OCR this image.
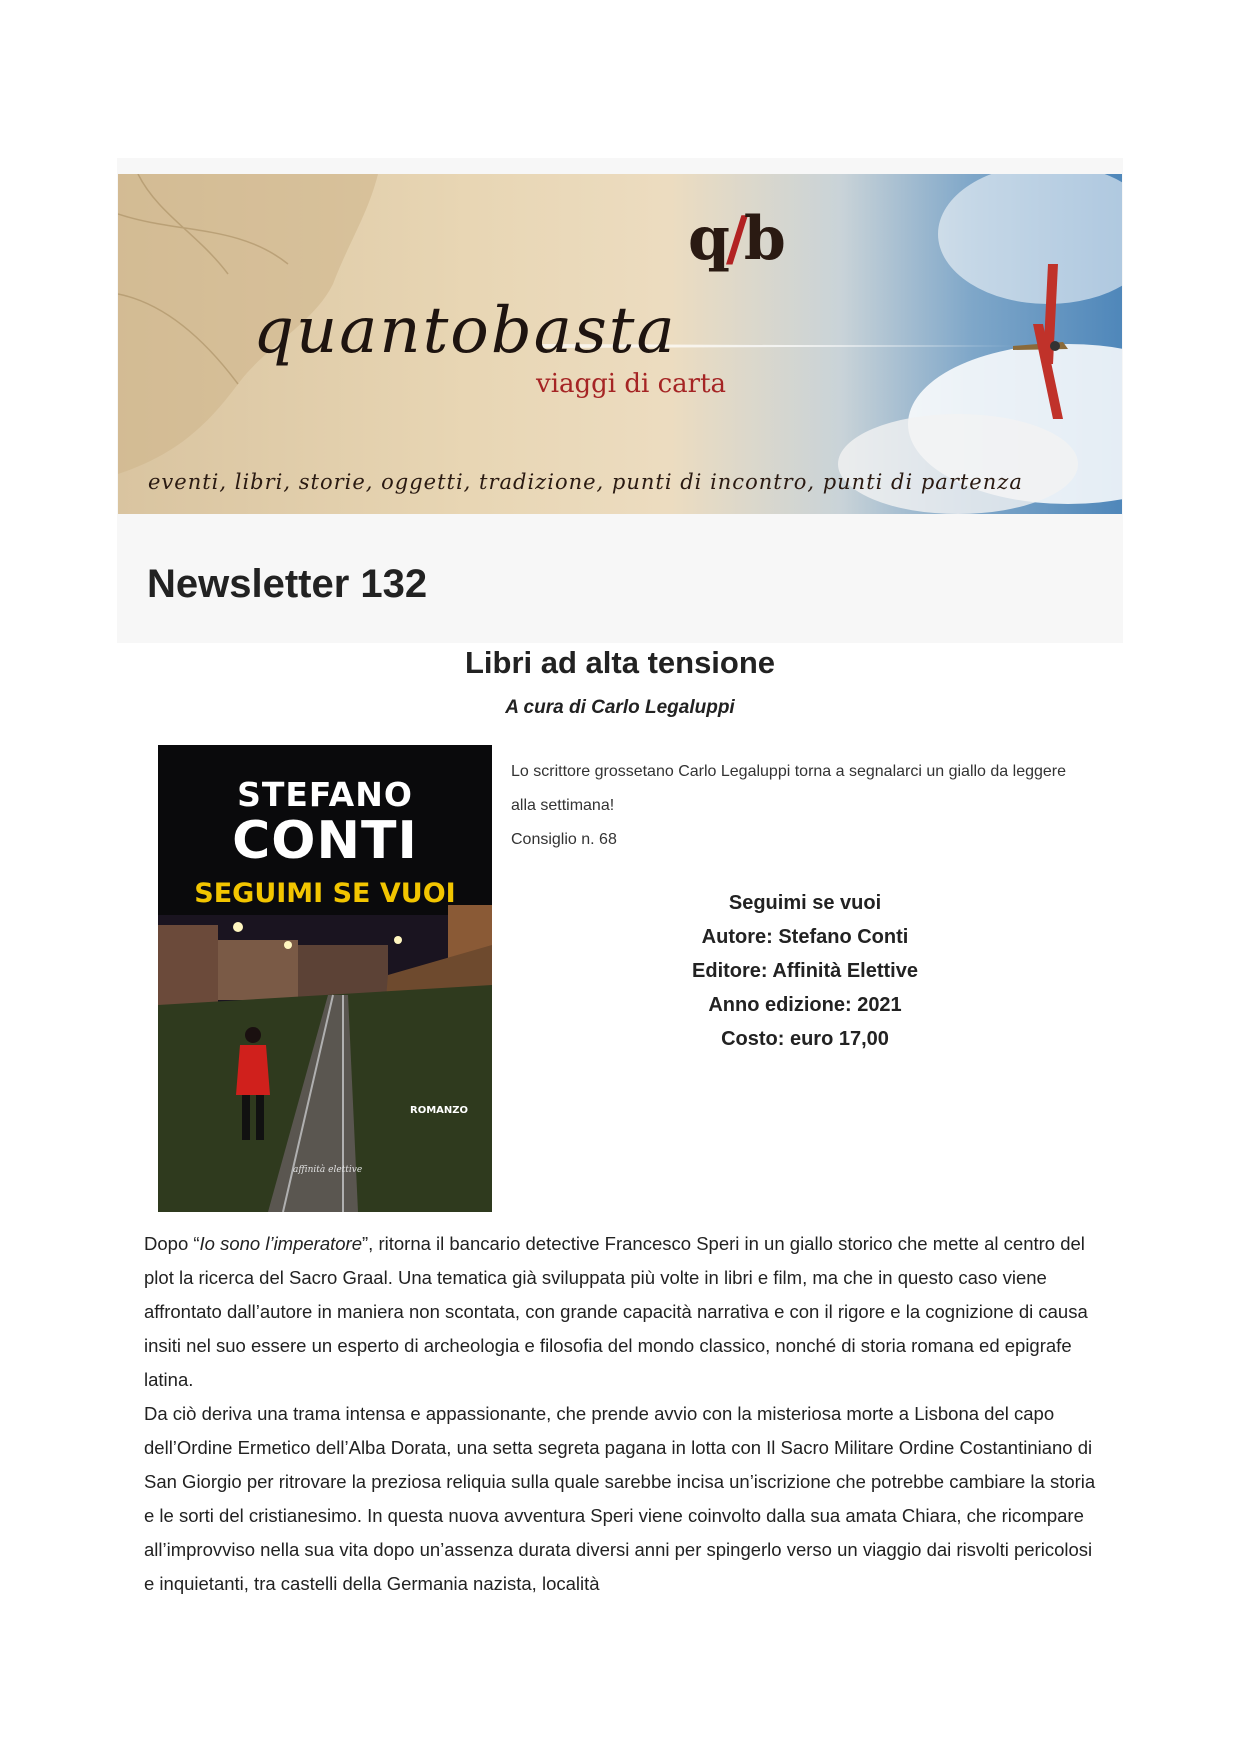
q/b
quantobasta
viaggi di carta
eventi, libri, storie, oggetti, tradizione, punti di incontro, punti di partenza
Newsletter 132
Libri ad alta tensione
A cura di Carlo Legaluppi
STEFANO
CONTI
SEGUIMI SE VUOI
ROMANZO
affinità elettive

Lo scrittore grossetano Carlo Legaluppi torna a segnalarci un giallo da leggere alla settimana!

Consiglio n. 68

Seguimi se vuoi
Autore: Stefano Conti
Editore: Affinità Elettive
Anno edizione: 2021
Costo: euro 17,00

Dopo “Io sono l’imperatore”, ritorna il bancario detective Francesco Speri in un giallo storico che mette al centro del plot la ricerca del Sacro Graal. Una tematica già sviluppata più volte in libri e film, ma che in questo caso viene affrontato dall’autore in maniera non scontata, con grande capacità narrativa e con il rigore e la cognizione di causa insiti nel suo essere un esperto di archeologia e filosofia del mondo classico, nonché di storia romana ed epigrafe latina.

Da ciò deriva una trama intensa e appassionante, che prende avvio con la misteriosa morte a Lisbona del capo dell’Ordine Ermetico dell’Alba Dorata, una setta segreta pagana in lotta con Il Sacro Militare Ordine Costantiniano di San Giorgio per ritrovare la preziosa reliquia sulla quale sarebbe incisa un’iscrizione che potrebbe cambiare la storia e le sorti del cristianesimo. In questa nuova avventura Speri viene coinvolto dalla sua amata Chiara, che ricompare all’improvviso nella sua vita dopo un’assenza durata diversi anni per spingerlo verso un viaggio dai risvolti pericolosi e inquietanti, tra castelli della Germania nazista, località
